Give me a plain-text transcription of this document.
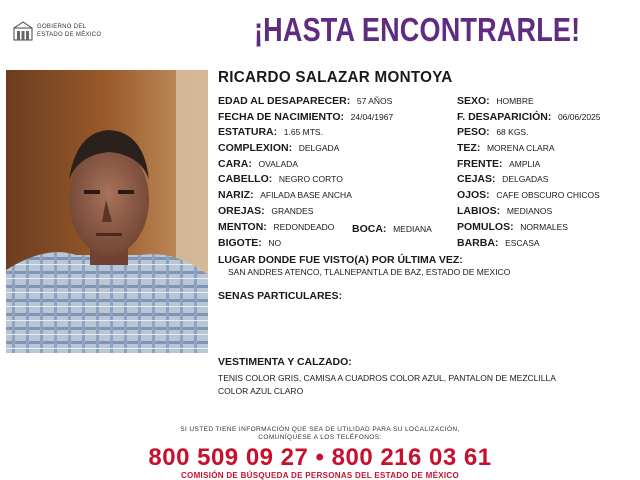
GOBIERNO DEL
ESTADO DE MÉXICO	¡HASTA ENCONTRARLE!
RICARDO SALAZAR MONTOYA
EDAD AL DESAPARECER: 57 AÑOS
FECHA DE NACIMIENTO: 24/04/1967
ESTATURA: 1.65 MTS.
COMPLEXION: DELGADA
CARA: OVALADA
CABELLO: NEGRO CORTO
NARIZ: AFILADA BASE ANCHA
OREJAS: GRANDES
MENTON: REDONDEADO
BIGOTE: NO
BOCA: MEDIANA
SEXO: HOMBRE
F. DESAPARICIÓN: 06/06/2025
PESO: 68 KGS.
TEZ: MORENA CLARA
FRENTE: AMPLIA
CEJAS: DELGADAS
OJOS: CAFE OBSCURO CHICOS
LABIOS: MEDIANOS
POMULOS: NORMALES
BARBA: ESCASA
LUGAR DONDE FUE VISTO(A) POR ÚLTIMA VEZ:
SAN ANDRES ATENCO, TLALNEPANTLA DE BAZ, ESTADO DE MEXICO
SENAS PARTICULARES:
VESTIMENTA Y CALZADO:
TENIS COLOR GRIS, CAMISA A CUADROS COLOR AZUL, PANTALON DE MEZCLILLA
COLOR AZUL CLARO
SI USTED TIENE INFORMACIÓN QUE SEA DE UTILIDAD PARA SU LOCALIZACIÓN,
COMUNÍQUESE A LOS TELÉFONOS:
800 509 09 27 • 800 216 03 61
COMISIÓN DE BÚSQUEDA DE PERSONAS DEL ESTADO DE MÉXICO
